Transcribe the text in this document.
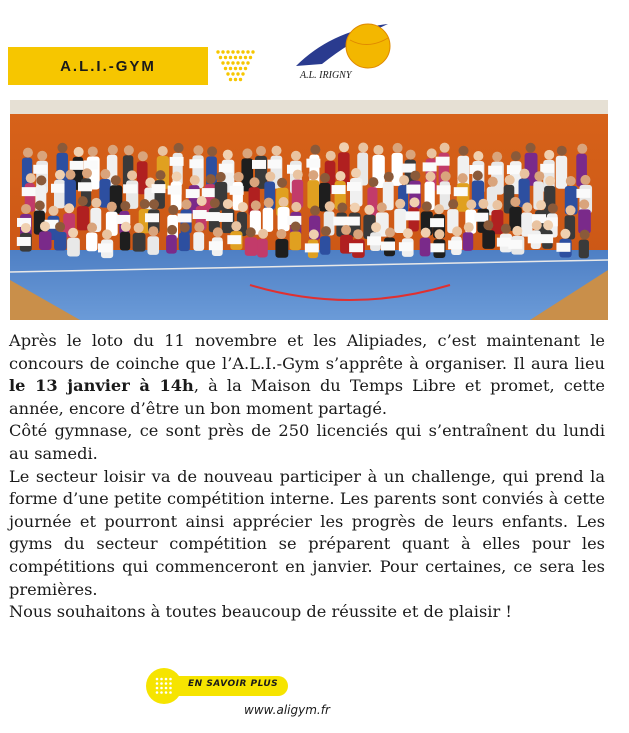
A.L.I.-GYM
A.L. IRIGNY

Après le loto du 11 novembre et les Alipiades, c’est maintenant le concours de coinche que l’A.L.I.-Gym s’apprête à organiser. Il aura lieu le 13 janvier à 14h, à la Maison du Temps Libre et promet, cette année, encore d’être un bon moment partagé.

Côté gymnase, ce sont près de 250 licenciés qui s’entraînent du lundi au samedi.

Le secteur loisir va de nouveau participer à un challenge, qui prend la forme d’une petite compétition interne. Les parents sont conviés à cette journée et pourront ainsi apprécier les progrès de leurs enfants. Les gyms du secteur compétition se préparent quant à elles pour les compétitions qui commenceront en janvier. Pour certaines, ce sera les premières.

Nous souhaitons à toutes beaucoup de réussite et de plaisir !

EN SAVOIR PLUS
www.aligym.fr
